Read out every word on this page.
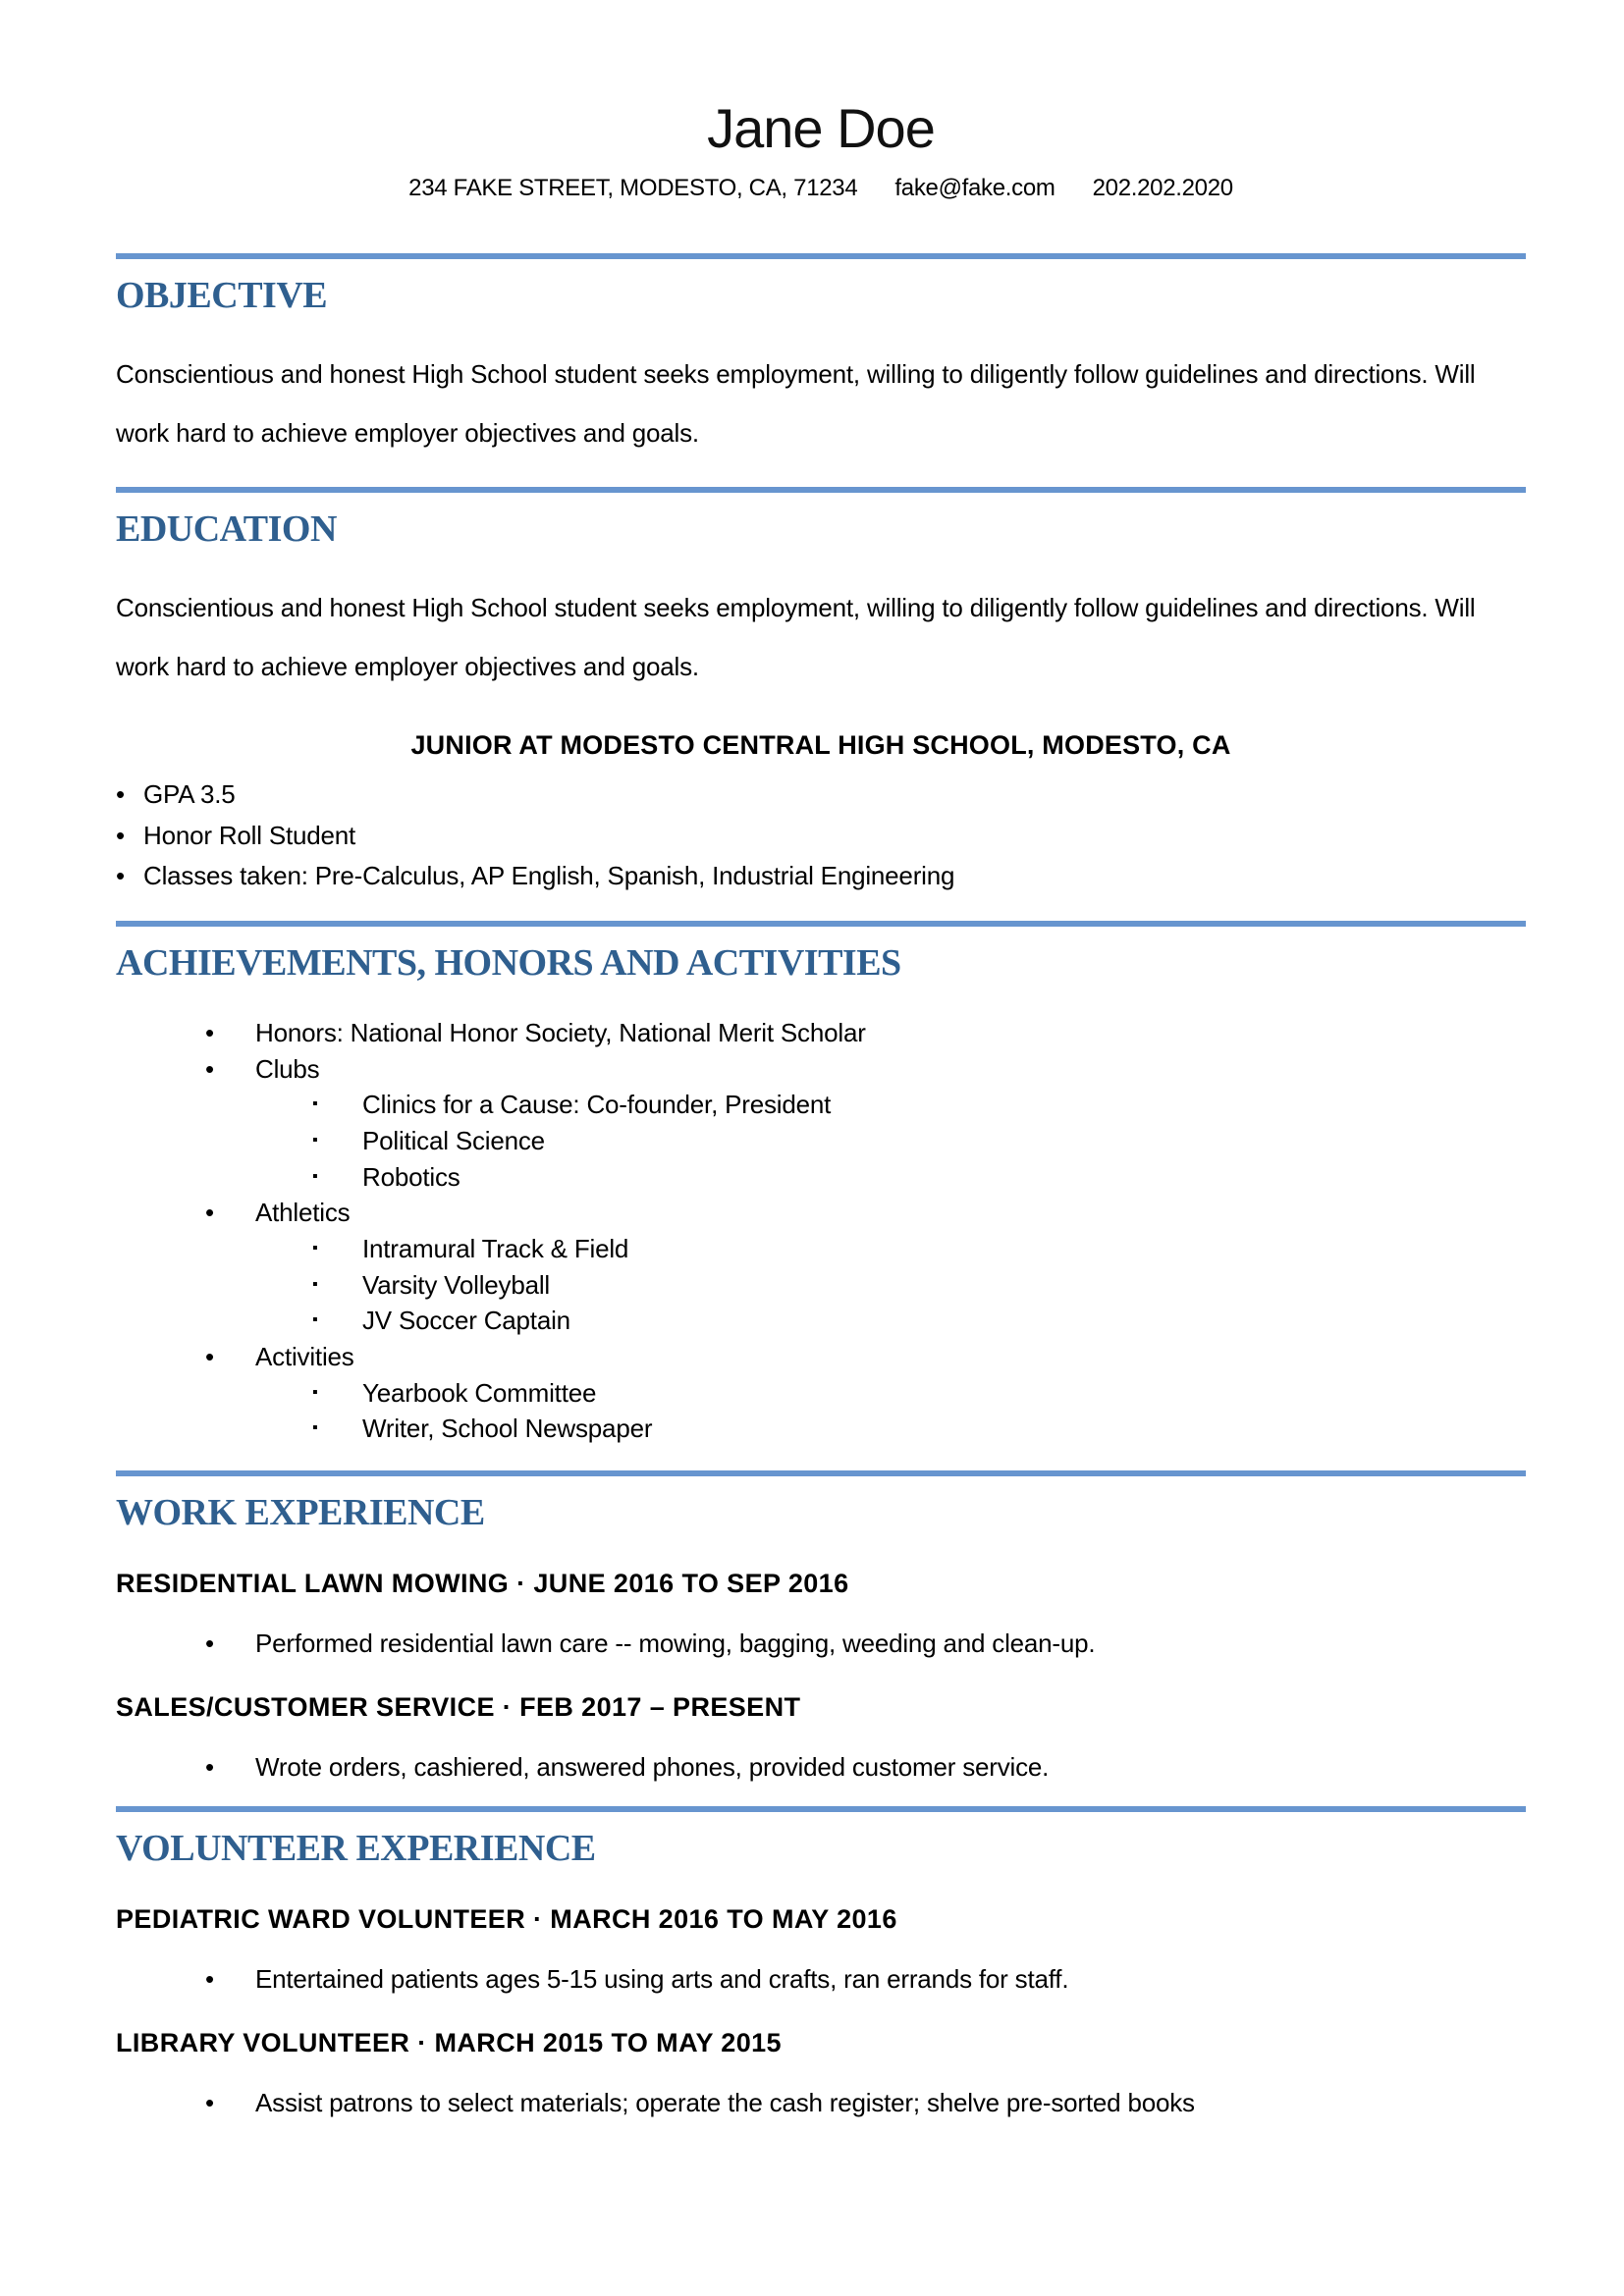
Jane Doe
234 FAKE STREET, MODESTO, CA, 71234 fake@fake.com 202.202.2020
OBJECTIVE

Conscientious and honest High School student seeks employment, willing to diligently follow guidelines and directions. Will work hard to achieve employer objectives and goals.

EDUCATION

Conscientious and honest High School student seeks employment, willing to diligently follow guidelines and directions. Will work hard to achieve employer objectives and goals.

JUNIOR AT MODESTO CENTRAL HIGH SCHOOL, MODESTO, CA
• GPA 3.5
• Honor Roll Student
• Classes taken: Pre-Calculus, AP English, Spanish, Industrial Engineering
ACHIEVEMENTS, HONORS AND ACTIVITIES
•	Honors: National Honor Society, National Merit Scholar
•	Clubs
▪	Clinics for a Cause: Co-founder, President
▪	Political Science
▪	Robotics
•	Athletics
▪	Intramural Track & Field
▪	Varsity Volleyball
▪	JV Soccer Captain
•	Activities
▪	Yearbook Committee
▪	Writer, School Newspaper
WORK EXPERIENCE
RESIDENTIAL LAWN MOWING · JUNE 2016 TO SEP 2016
•	Performed residential lawn care -- mowing, bagging, weeding and clean-up.
SALES/CUSTOMER SERVICE · FEB 2017 – PRESENT
•	Wrote orders, cashiered, answered phones, provided customer service.
VOLUNTEER EXPERIENCE
PEDIATRIC WARD VOLUNTEER · MARCH 2016 TO MAY 2016
•	Entertained patients ages 5-15 using arts and crafts, ran errands for staff.
LIBRARY VOLUNTEER · MARCH 2015 TO MAY 2015
•	Assist patrons to select materials; operate the cash register; shelve pre-sorted books
